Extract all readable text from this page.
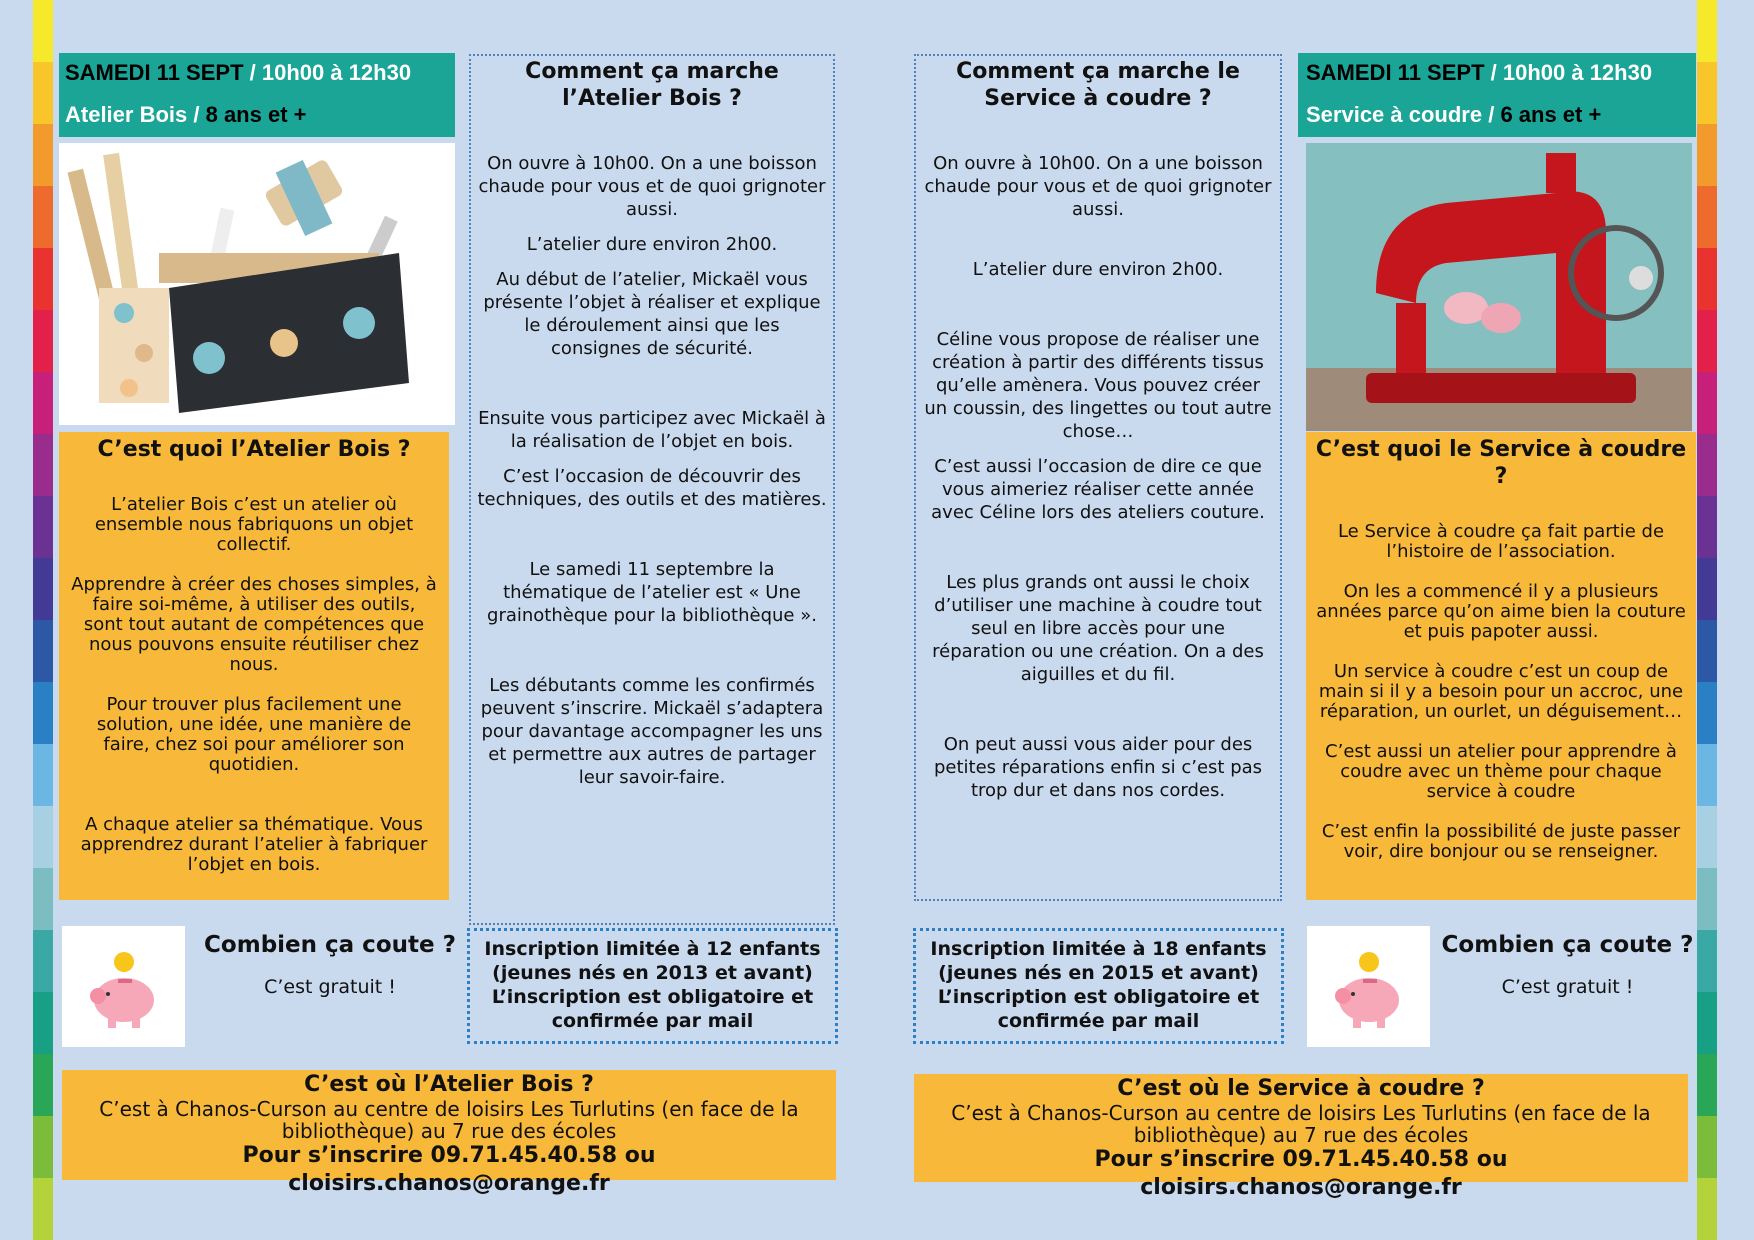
SAMEDI 11 SEPT / 10h00 à 12h30
Atelier Bois / 8 ans et +
C’est quoi l’Atelier Bois ?

L’atelier Bois c’est un atelier où ensemble nous fabriquons un objet collectif.

Apprendre à créer des choses simples, à faire soi-même, à utiliser des outils, sont tout autant de compétences que nous pouvons ensuite réutiliser chez nous.

Pour trouver plus facilement une solution, une idée, une manière de faire, chez soi pour améliorer son quotidien.

A chaque atelier sa thématique. Vous apprendrez durant l’atelier à fabriquer l’objet en bois.

Comment ça marche l’Atelier Bois ?

On ouvre à 10h00. On a une boisson chaude pour vous et de quoi grignoter aussi.

L’atelier dure environ 2h00.

Au début de l’atelier, Mickaël vous présente l’objet à réaliser et explique le déroulement ainsi que les consignes de sécurité.

Ensuite vous participez avec Mickaël à la réalisation de l’objet en bois.

C’est l’occasion de découvrir des techniques, des outils et des matières.

Le samedi 11 septembre la thématique de l’atelier est « Une grainothèque pour la bibliothèque ».

Les débutants comme les confirmés peuvent s’inscrire. Mickaël s’adaptera pour davantage accompagner les uns et permettre aux autres de partager leur savoir-faire.

Inscription limitée à 12 enfants
(jeunes nés en 2013 et avant)
L’inscription est obligatoire et
confirmée par mail
Combien ça coute ?
C’est gratuit !
C’est où l’Atelier Bois ?
C’est à Chanos-Curson au centre de loisirs Les Turlutins (en face de la bibliothèque) au 7 rue des écoles
Pour s’inscrire 09.71.45.40.58 ou cloisirs.chanos@orange.fr
Comment ça marche le Service à coudre ?

On ouvre à 10h00. On a une boisson chaude pour vous et de quoi grignoter aussi.

L’atelier dure environ 2h00.

Céline vous propose de réaliser une création à partir des différents tissus qu’elle amènera. Vous pouvez créer un coussin, des lingettes ou tout autre chose…

C’est aussi l’occasion de dire ce que vous aimeriez réaliser cette année avec Céline lors des ateliers couture.

Les plus grands ont aussi le choix d’utiliser une machine à coudre tout seul en libre accès pour une réparation ou une création. On a des aiguilles et du fil.

On peut aussi vous aider pour des petites réparations enfin si c’est pas trop dur et dans nos cordes.

Inscription limitée à 18 enfants
(jeunes nés en 2015 et avant)
L’inscription est obligatoire et
confirmée par mail
C’est où le Service à coudre ?
C’est à Chanos-Curson au centre de loisirs Les Turlutins (en face de la bibliothèque) au 7 rue des écoles
Pour s’inscrire 09.71.45.40.58 ou cloisirs.chanos@orange.fr
SAMEDI 11 SEPT / 10h00 à 12h30
Service à coudre / 6 ans et +
C’est quoi le Service à coudre ?

Le Service à coudre ça fait partie de l’histoire de l’association.

On les a commencé il y a plusieurs années parce qu’on aime bien la couture et puis papoter aussi.

Un service à coudre c’est un coup de main si il y a besoin pour un accroc, une réparation, un ourlet, un déguisement…

C’est aussi un atelier pour apprendre à coudre avec un thème pour chaque service à coudre

C’est enfin la possibilité de juste passer voir, dire bonjour ou se renseigner.

Combien ça coute ?
C’est gratuit !
